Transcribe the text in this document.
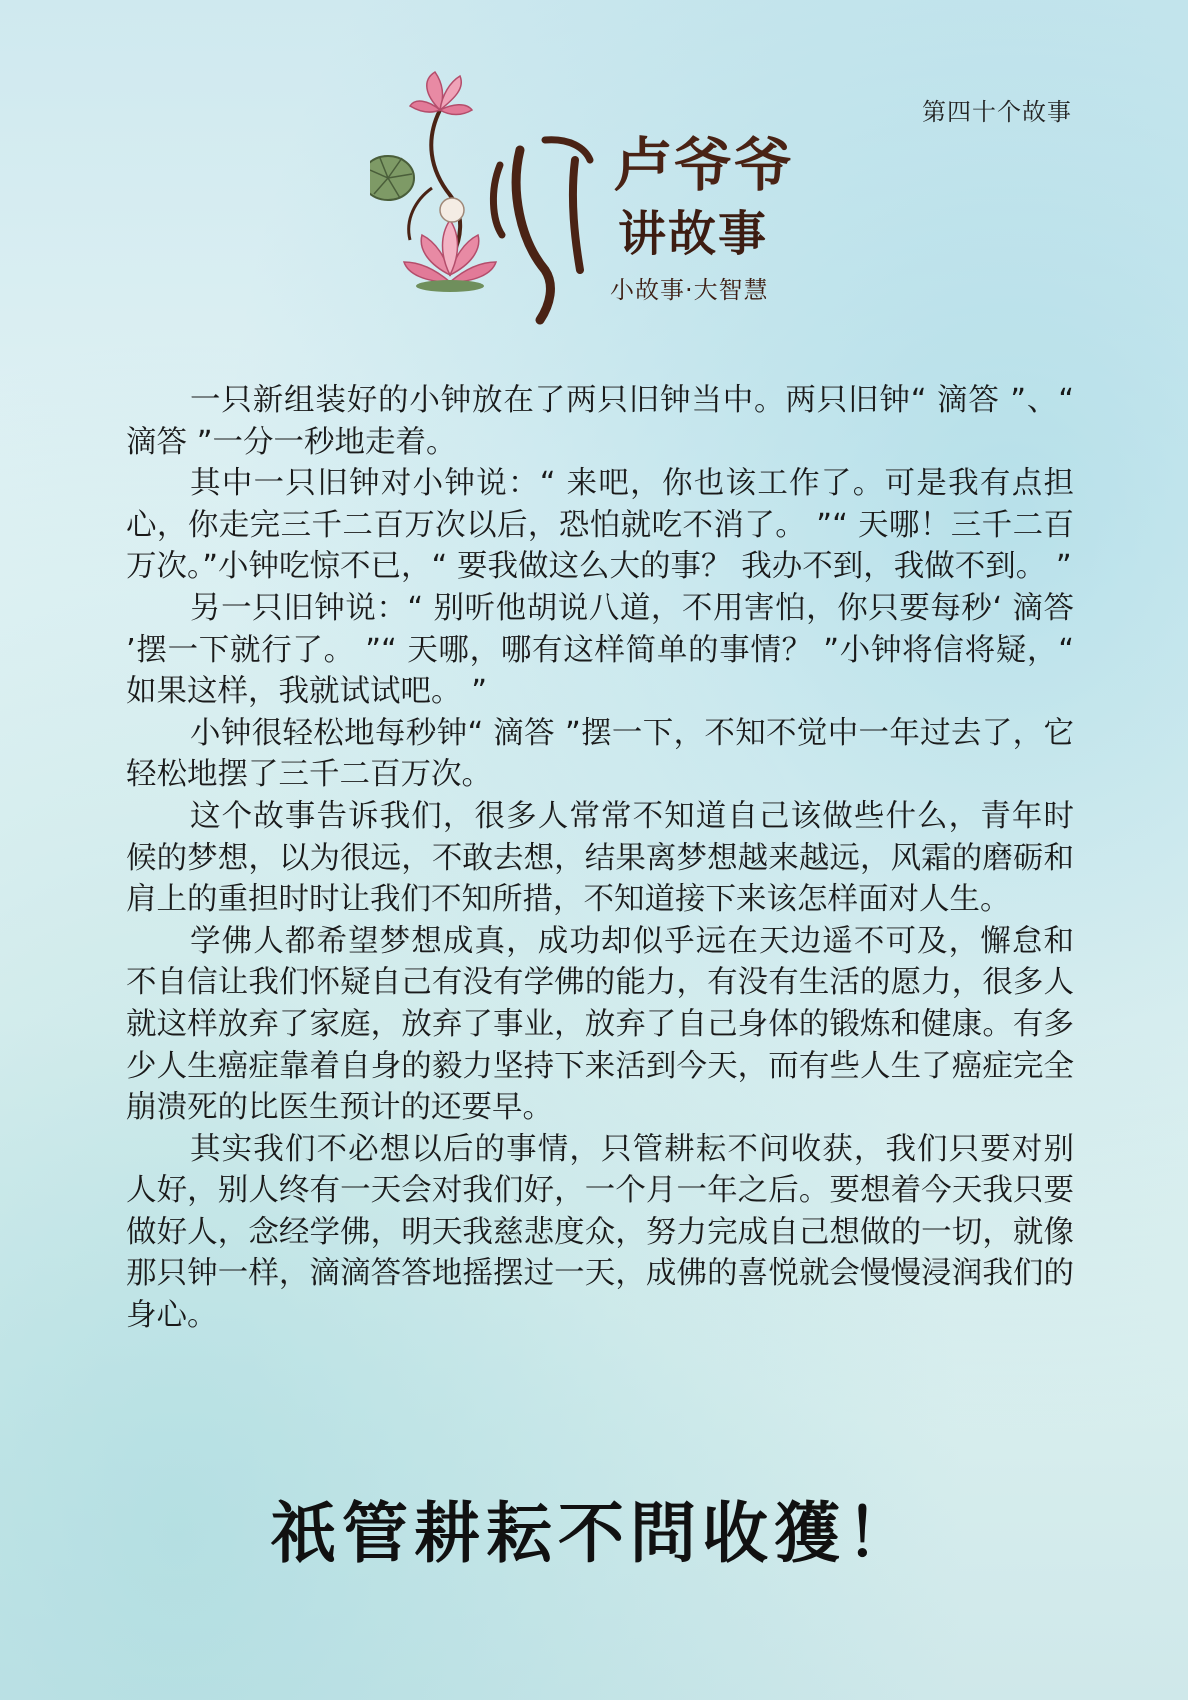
第四十个故事
卢爷爷
讲故事
小故事·大智慧

一只新组装好的小钟放在了两只旧钟当中。两只旧钟“ 滴答 ”、“ 滴答 ”一分一秒地走着。

其中一只旧钟对小钟说：“ 来吧，你也该工作了。可是我有点担心，你走完三千二百万次以后，恐怕就吃不消了。 ”“ 天哪！三千二百万次。”小钟吃惊不已，“ 要我做这么大的事？ 我办不到，我做不到。 ”

另一只旧钟说：“ 别听他胡说八道，不用害怕，你只要每秒‘ 滴答 ’摆一下就行了。 ”“ 天哪，哪有这样简单的事情？ ”小钟将信将疑，“ 如果这样，我就试试吧。 ”

小钟很轻松地每秒钟“ 滴答 ”摆一下，不知不觉中一年过去了，它轻松地摆了三千二百万次。

这个故事告诉我们，很多人常常不知道自己该做些什么，青年时候的梦想，以为很远，不敢去想，结果离梦想越来越远，风霜的磨砺和肩上的重担时时让我们不知所措，不知道接下来该怎样面对人生。

学佛人都希望梦想成真，成功却似乎远在天边遥不可及，懈怠和不自信让我们怀疑自己有没有学佛的能力，有没有生活的愿力，很多人就这样放弃了家庭，放弃了事业，放弃了自己身体的锻炼和健康。有多少人生癌症靠着自身的毅力坚持下来活到今天，而有些人生了癌症完全崩溃死的比医生预计的还要早。

其实我们不必想以后的事情，只管耕耘不问收获，我们只要对别人好，别人终有一天会对我们好，一个月一年之后。要想着今天我只要做好人，念经学佛，明天我慈悲度众，努力完成自己想做的一切，就像那只钟一样，滴滴答答地摇摆过一天，成佛的喜悦就会慢慢浸润我们的身心。

祇管耕耘不問收獲！
